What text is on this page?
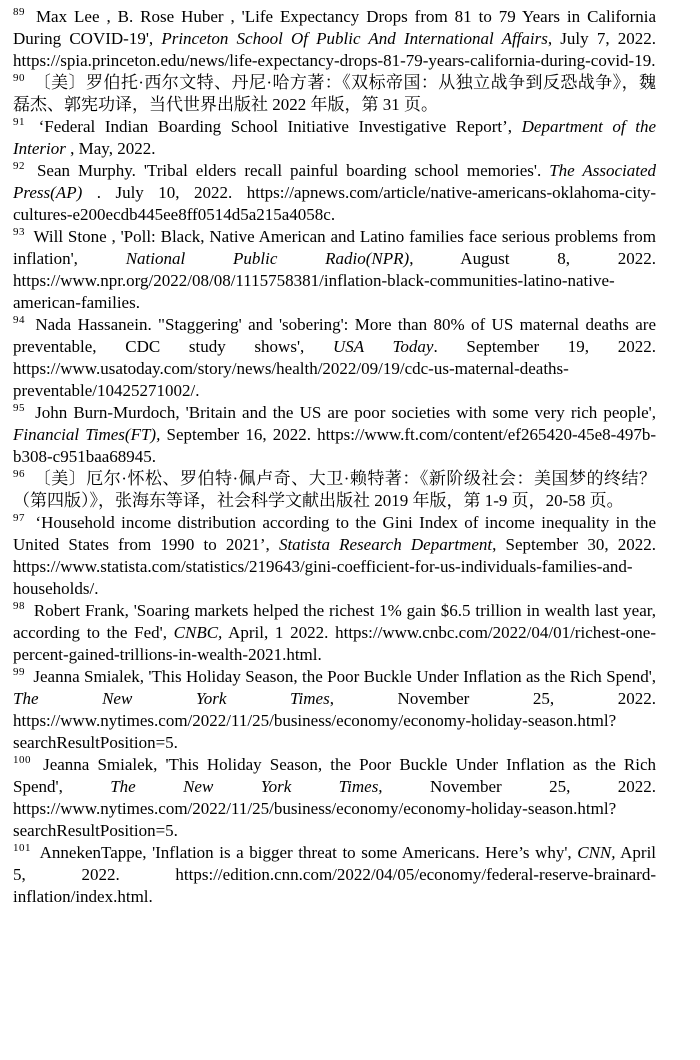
$^{89}$ Max Lee , B. Rose Huber , 'Life Expectancy Drops from 81 to 79 Years in California During COVID-19', Princeton School Of Public And International Affairs, July 7, 2022. https://spia.princeton.edu/news/life-expectancy-drops-81-79-years-california-during-covid-19.

$^{90}$ 〔美〕罗伯托·西尔文特、丹尼·哈方著：《双标帝国：从独立战争到反恐战争》，魏磊杰、郭宪功译，当代世界出版社 2022 年版，第 31 页。

$^{91}$ ‘Federal Indian Boarding School Initiative Investigative Report’, Department of the Interior , May, 2022.

$^{92}$ Sean Murphy. 'Tribal elders recall painful boarding school memories'. The Associated Press(AP) . July 10, 2022. https://apnews.com/article/native-americans-oklahoma-city-cultures-e200ecdb445ee8ff0514d5a215a4058c.

$^{93}$ Will Stone , 'Poll: Black, Native American and Latino families face serious problems from inflation', National Public Radio(NPR), August 8, 2022. https://www.npr.org/2022/08/08/1115758381/inflation-black-communities-latino-native-american-families.

$^{94}$ Nada Hassanein. "Staggering' and 'sobering': More than 80% of US maternal deaths are preventable, CDC study shows', USA Today. September 19, 2022. https://www.usatoday.com/story/news/health/2022/09/19/cdc-us-maternal-deaths-preventable/10425271002/.

$^{95}$ John Burn-Murdoch, 'Britain and the US are poor societies with some very rich people', Financial Times(FT), September 16, 2022. https://www.ft.com/content/ef265420-45e8-497b-b308-c951baa68945.

$^{96}$ 〔美〕厄尔·怀松、罗伯特·佩卢奇、大卫·赖特著：《新阶级社会：美国梦的终结？（第四版）》，张海东等译，社会科学文献出版社 2019 年版，第 1-9 页，20-58 页。

$^{97}$ ‘Household income distribution according to the Gini Index of income inequality in the United States from 1990 to 2021’, Statista Research Department, September 30, 2022. https://www.statista.com/statistics/219643/gini-coefficient-for-us-individuals-families-and-households/.

$^{98}$ Robert Frank, 'Soaring markets helped the richest 1% gain $6.5 trillion in wealth last year, according to the Fed', CNBC, April, 1 2022. https://www.cnbc.com/2022/04/01/richest-one-percent-gained-trillions-in-wealth-2021.html.

$^{99}$ Jeanna Smialek, 'This Holiday Season, the Poor Buckle Under Inflation as the Rich Spend', The New York Times, November 25, 2022. https://www.nytimes.com/2022/11/25/business/economy/economy-holiday-season.html?searchResultPosition=5.

$^{100}$ Jeanna Smialek, 'This Holiday Season, the Poor Buckle Under Inflation as the Rich Spend', The New York Times, November 25, 2022. https://www.nytimes.com/2022/11/25/business/economy/economy-holiday-season.html?searchResultPosition=5.

$^{101}$ AnnekenTappe, 'Inflation is a bigger threat to some Americans. Here’s why', CNN, April 5, 2022. https://edition.cnn.com/2022/04/05/economy/federal-reserve-brainard-inflation/index.html.
